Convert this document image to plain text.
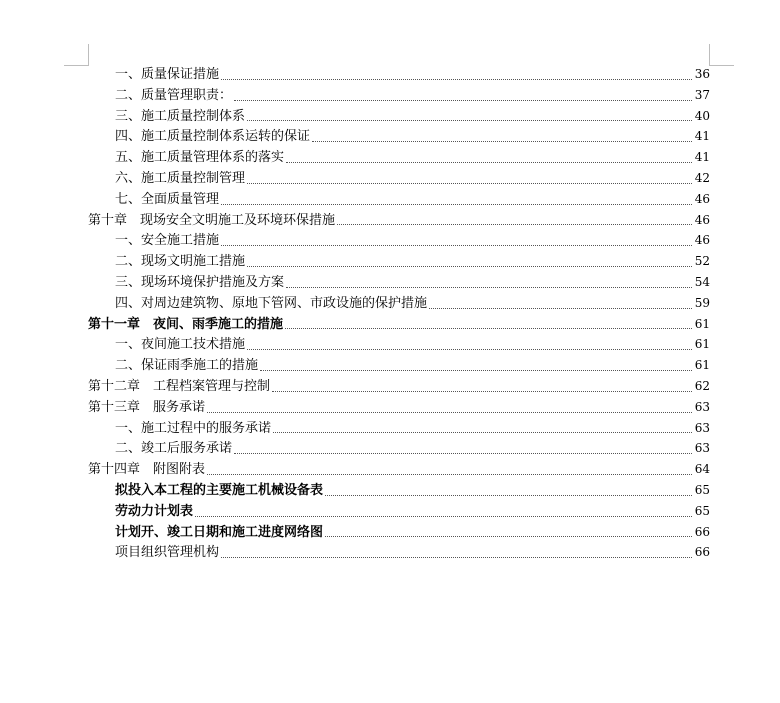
一、质量保证措施	36
二、质量管理职责：	37
三、施工质量控制体系	40
四、施工质量控制体系运转的保证	41
五、施工质量管理体系的落实	41
六、施工质量控制管理	42
七、全面质量管理	46
第十章　现场安全文明施工及环境环保措施	46
一、安全施工措施	46
二、现场文明施工措施	52
三、现场环境保护措施及方案	54
四、对周边建筑物、原地下管网、市政设施的保护措施	59
第十一章　夜间、雨季施工的措施	61
一、夜间施工技术措施	61
二、保证雨季施工的措施	61
第十二章　工程档案管理与控制	62
第十三章　服务承诺	63
一、施工过程中的服务承诺	63
二、竣工后服务承诺	63
第十四章　附图附表	64
拟投入本工程的主要施工机械设备表	65
劳动力计划表	65
计划开、竣工日期和施工进度网络图	66
项目组织管理机构	66
